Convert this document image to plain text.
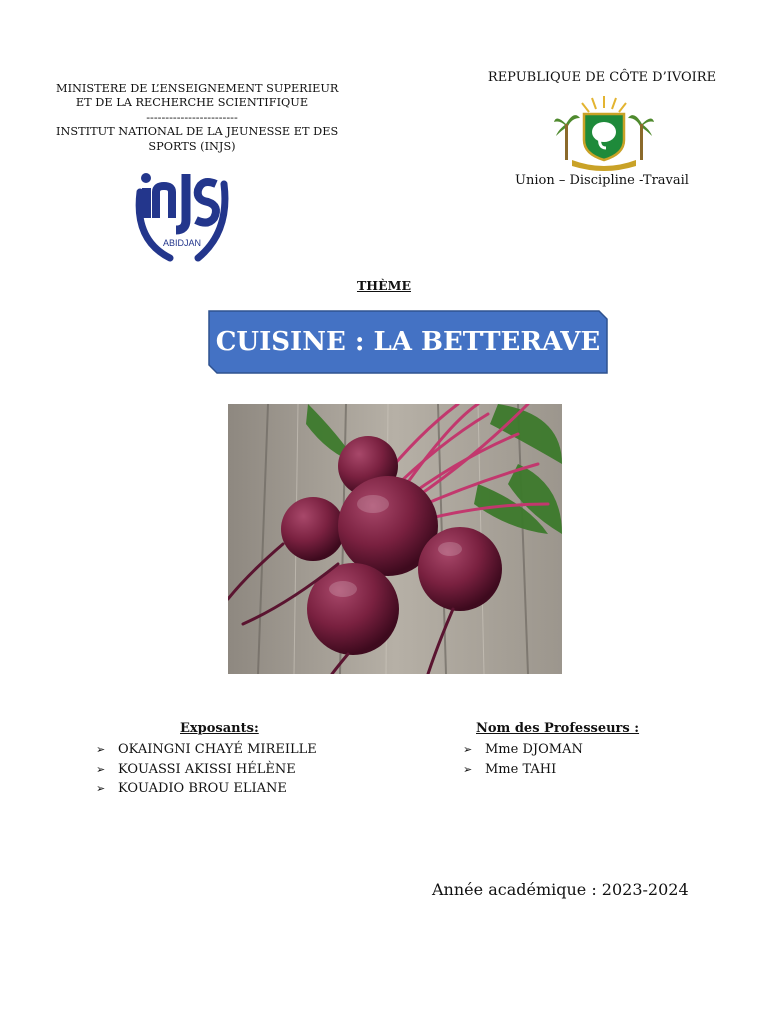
MINISTERE DE L’ENSEIGNEMENT SUPERIEUR
ET DE LA RECHERCHE SCIENTIFIQUE
------------------------
INSTITUT NATIONAL DE LA JEUNESSE ET DES
SPORTS (INJS)
ABIDJAN
REPUBLIQUE DE CÔTE D’IVOIRE
Union – Discipline -Travail
THÈME
CUISINE : LA BETTERAVE
Exposants:
➢ OKAINGNI CHAYÉ MIREILLE
➢ KOUASSI AKISSI HÉLÈNE
➢ KOUADIO BROU ELIANE
Nom des Professeurs :
➢ Mme DJOMAN
➢ Mme TAHI
Année académique : 2023-2024
